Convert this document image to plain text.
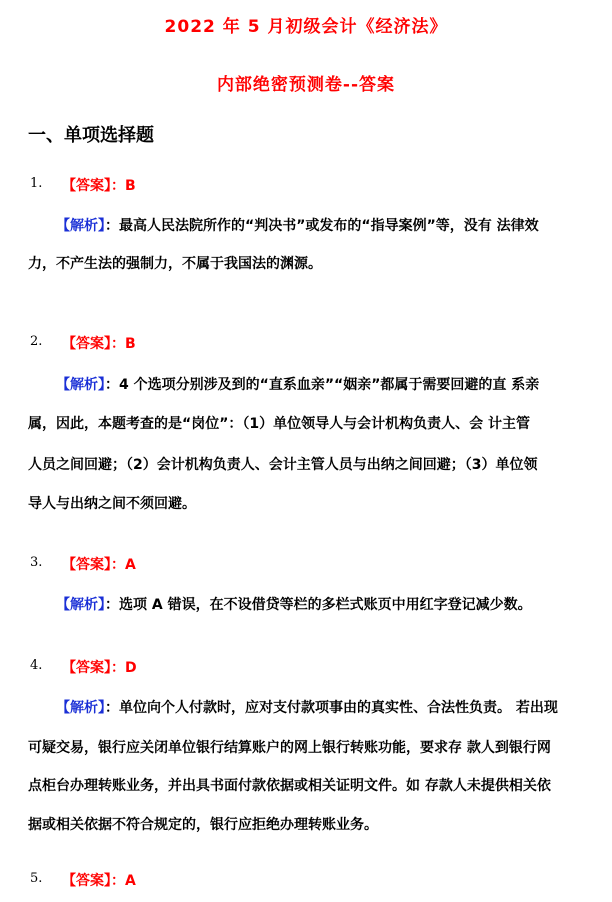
2022 年 5 月初级会计《经济法》
内部绝密预测卷--答案
一、单项选择题
1. 【答案】：B
【解析】：最高人民法院所作的“判决书”或发布的“指导案例”等，没有 法律效
力，不产生法的强制力，不属于我国法的渊源。
2. 【答案】：B
【解析】：4 个选项分别涉及到的“直系血亲”“姻亲”都属于需要回避的直 系亲
属，因此，本题考查的是“岗位”：（1）单位领导人与会计机构负责人、会 计主管
人员之间回避；（2）会计机构负责人、会计主管人员与出纳之间回避；（3）单位领
导人与出纳之间不须回避。
3. 【答案】：A
【解析】：选项 A 错误，在不设借贷等栏的多栏式账页中用红字登记减少数。
4. 【答案】：D
【解析】：单位向个人付款时，应对支付款项事由的真实性、合法性负责。 若出现
可疑交易，银行应关闭单位银行结算账户的网上银行转账功能，要求存 款人到银行网
点柜台办理转账业务，并出具书面付款依据或相关证明文件。如 存款人未提供相关依
据或相关依据不符合规定的，银行应拒绝办理转账业务。
5. 【答案】：A
